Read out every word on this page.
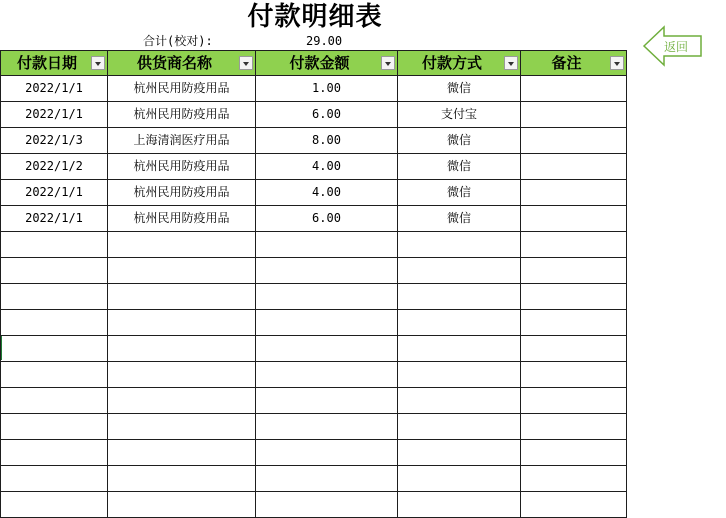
付款明细表
合计(校对):	29.00	返回
付款日期	供货商名称	付款金额	付款方式	备注

2022/1/1	杭州民用防疫用品	1.00	微信	
2022/1/1	杭州民用防疫用品	6.00	支付宝	
2022/1/3	上海清润医疗用品	8.00	微信	
2022/1/2	杭州民用防疫用品	4.00	微信	
2022/1/1	杭州民用防疫用品	4.00	微信	
2022/1/1	杭州民用防疫用品	6.00	微信	
